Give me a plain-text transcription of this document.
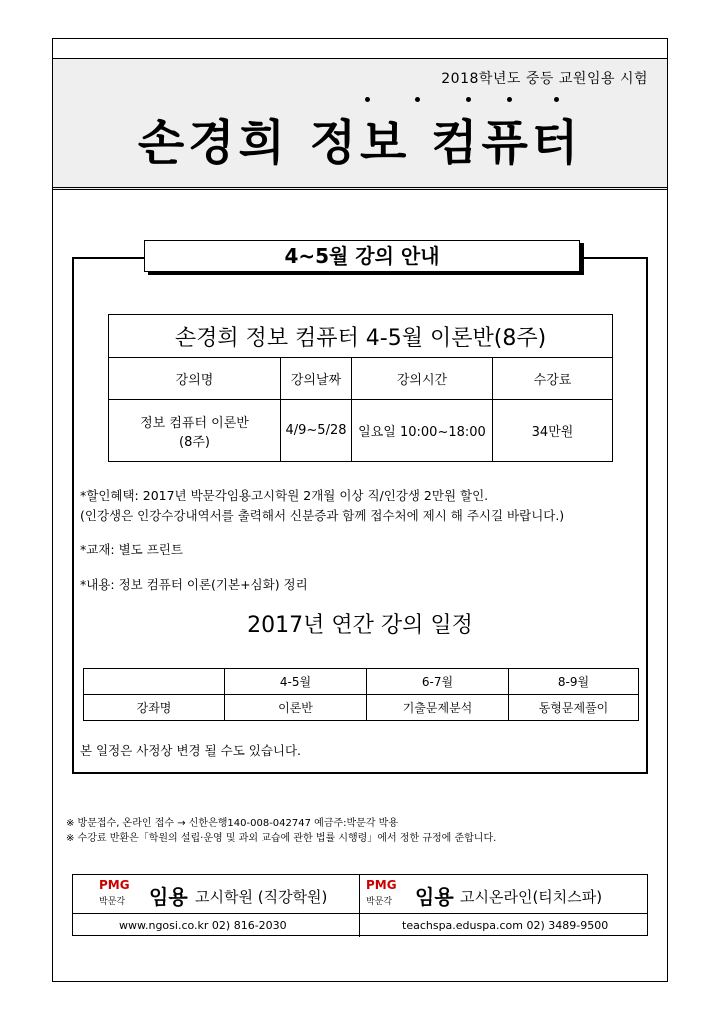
2018학년도 중등 교원임용 시험
손경희 정보 컴퓨터
4~5월 강의 안내
손경희 정보 컴퓨터 4-5월 이론반(8주)			
강의명	강의날짜	강의시간	수강료
정보 컴퓨터 이론반
(8주)	4/9~5/28	일요일 10:00~18:00	34만원
*할인혜택: 2017년 박문각임용고시학원 2개월 이상 직/인강생 2만원 할인.
(인강생은 인강수강내역서를 출력해서 신분증과 함께 접수처에 제시 해 주시길 바랍니다.)
*교재: 별도 프린트
*내용: 정보 컴퓨터 이론(기본+심화) 정리
2017년 연간 강의 일정
	4-5월	6-7월	8-9월
강좌명	이론반	기출문제분석	동형문제풀이
본 일정은 사정상 변경 될 수도 있습니다.
※ 방문접수, 온라인 접수 → 신한은행140-008-042747 예금주:박문각 박용
※ 수강료 반환은「학원의 설립·운영 및 과외 교습에 관한 법률 시행령」에서 정한 규정에 준합니다.
PMG
박문각 임용 고시학원 (직강학원)
www.ngosi.co.kr 02) 816-2030
PMG
박문각 임용 고시온라인(티치스파)
teachspa.eduspa.com 02) 3489-9500
